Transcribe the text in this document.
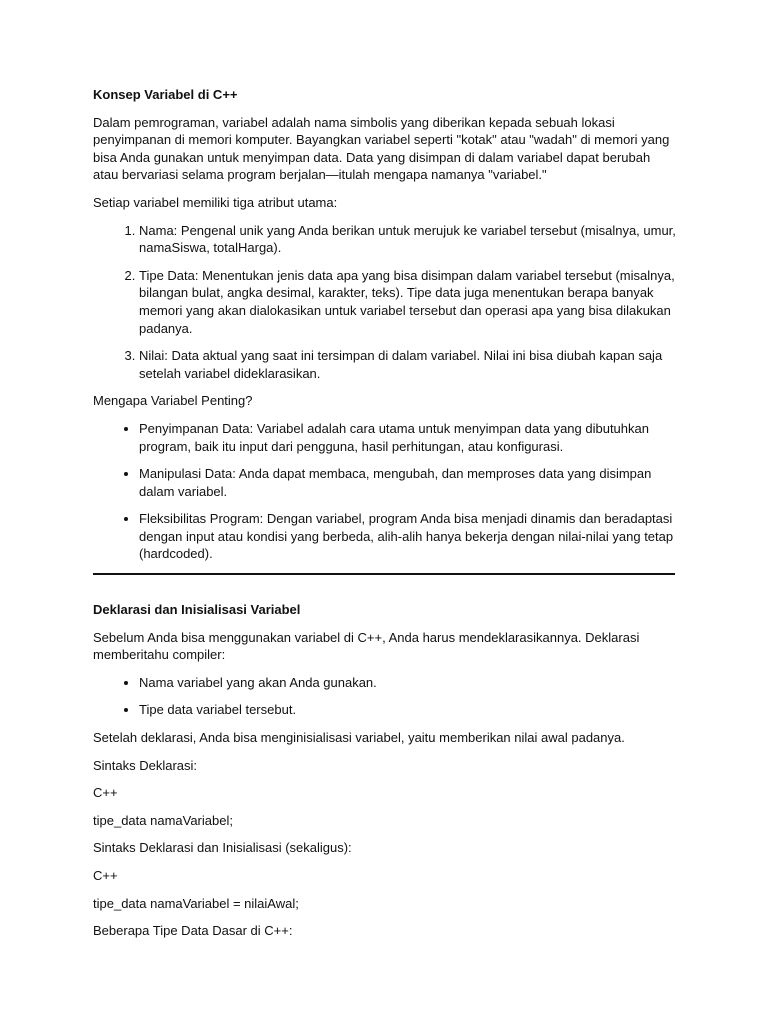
Konsep Variabel di C++

Dalam pemrograman, variabel adalah nama simbolis yang diberikan kepada sebuah lokasi penyimpanan di memori komputer. Bayangkan variabel seperti "kotak" atau "wadah" di memori yang bisa Anda gunakan untuk menyimpan data. Data yang disimpan di dalam variabel dapat berubah atau bervariasi selama program berjalan—itulah mengapa namanya "variabel."

Setiap variabel memiliki tiga atribut utama:

1. Nama: Pengenal unik yang Anda berikan untuk merujuk ke variabel tersebut (misalnya, umur, namaSiswa, totalHarga).
2. Tipe Data: Menentukan jenis data apa yang bisa disimpan dalam variabel tersebut (misalnya, bilangan bulat, angka desimal, karakter, teks). Tipe data juga menentukan berapa banyak memori yang akan dialokasikan untuk variabel tersebut dan operasi apa yang bisa dilakukan padanya.
3. Nilai: Data aktual yang saat ini tersimpan di dalam variabel. Nilai ini bisa diubah kapan saja setelah variabel dideklarasikan.

Mengapa Variabel Penting?

• Penyimpanan Data: Variabel adalah cara utama untuk menyimpan data yang dibutuhkan program, baik itu input dari pengguna, hasil perhitungan, atau konfigurasi.
• Manipulasi Data: Anda dapat membaca, mengubah, dan memproses data yang disimpan dalam variabel.
• Fleksibilitas Program: Dengan variabel, program Anda bisa menjadi dinamis dan beradaptasi dengan input atau kondisi yang berbeda, alih-alih hanya bekerja dengan nilai-nilai yang tetap (hardcoded).

Deklarasi dan Inisialisasi Variabel

Sebelum Anda bisa menggunakan variabel di C++, Anda harus mendeklarasikannya. Deklarasi memberitahu compiler:

• Nama variabel yang akan Anda gunakan.
• Tipe data variabel tersebut.

Setelah deklarasi, Anda bisa menginisialisasi variabel, yaitu memberikan nilai awal padanya.

Sintaks Deklarasi:

C++

tipe_data namaVariabel;

Sintaks Deklarasi dan Inisialisasi (sekaligus):

C++

tipe_data namaVariabel = nilaiAwal;

Beberapa Tipe Data Dasar di C++:
